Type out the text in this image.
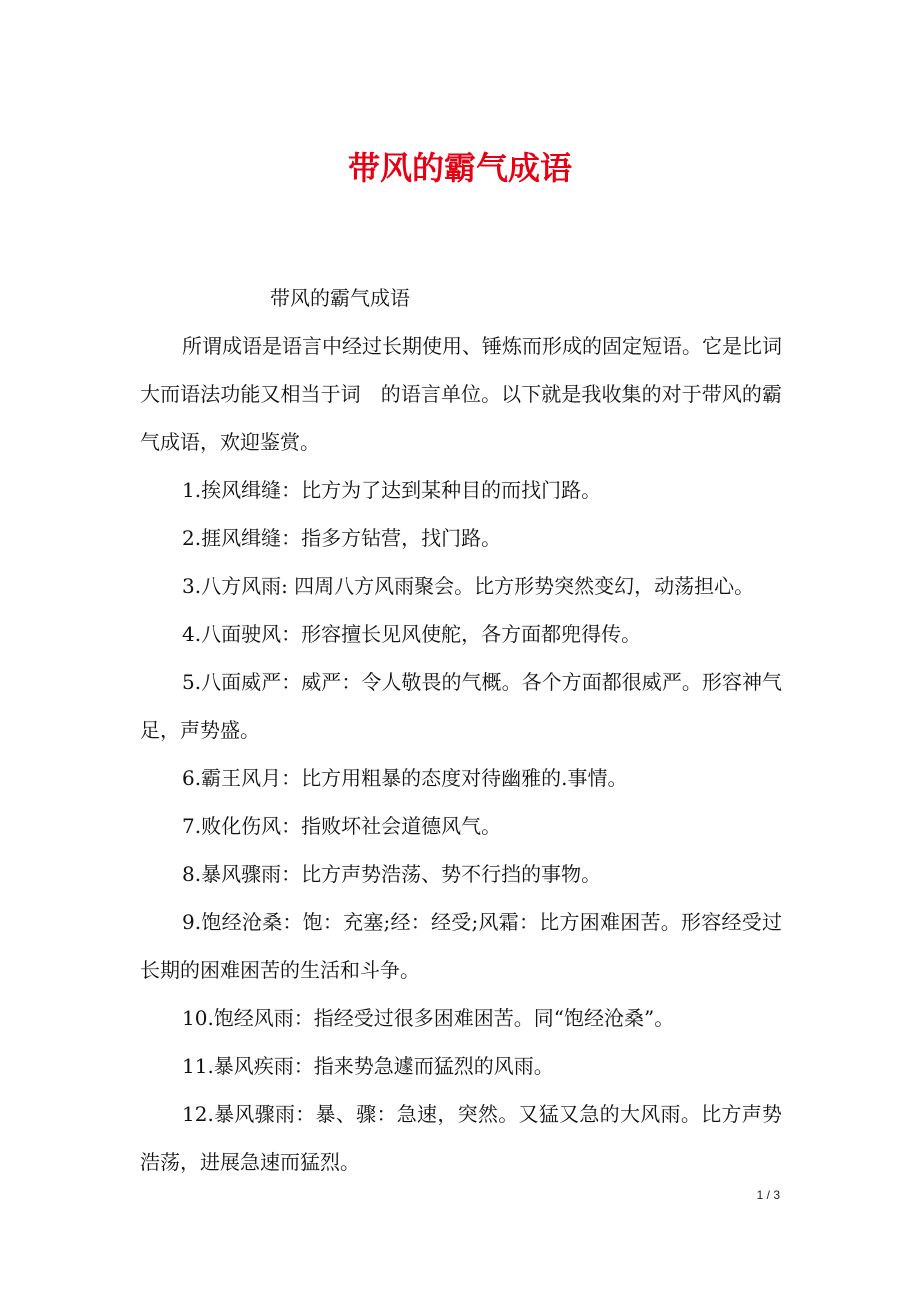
带风的霸气成语

带风的霸气成语

所谓成语是语言中经过长期使用、锤炼而形成的固定短语。它是比词大而语法功能又相当于词　的语言单位。以下就是我收集的对于带风的霸气成语，欢迎鉴赏。

1.挨风缉缝：比方为了达到某种目的而找门路。

2.捱风缉缝：指多方钻营，找门路。

3.八方风雨: 四周八方风雨聚会。比方形势突然变幻，动荡担心。

4.八面驶风：形容擅长见风使舵，各方面都兜得传。

5.八面威严：威严：令人敬畏的气概。各个方面都很威严。形容神气足，声势盛。

6.霸王风月：比方用粗暴的态度对待幽雅的.事情。

7.败化伤风：指败坏社会道德风气。

8.暴风骤雨：比方声势浩荡、势不行挡的事物。

9.饱经沧桑：饱：充塞;经：经受;风霜：比方困难困苦。形容经受过长期的困难困苦的生活和斗争。

10.饱经风雨：指经受过很多困难困苦。同“饱经沧桑”。

11.暴风疾雨：指来势急遽而猛烈的风雨。

12.暴风骤雨：暴、骤：急速，突然。又猛又急的大风雨。比方声势浩荡，进展急速而猛烈。

1 / 3
